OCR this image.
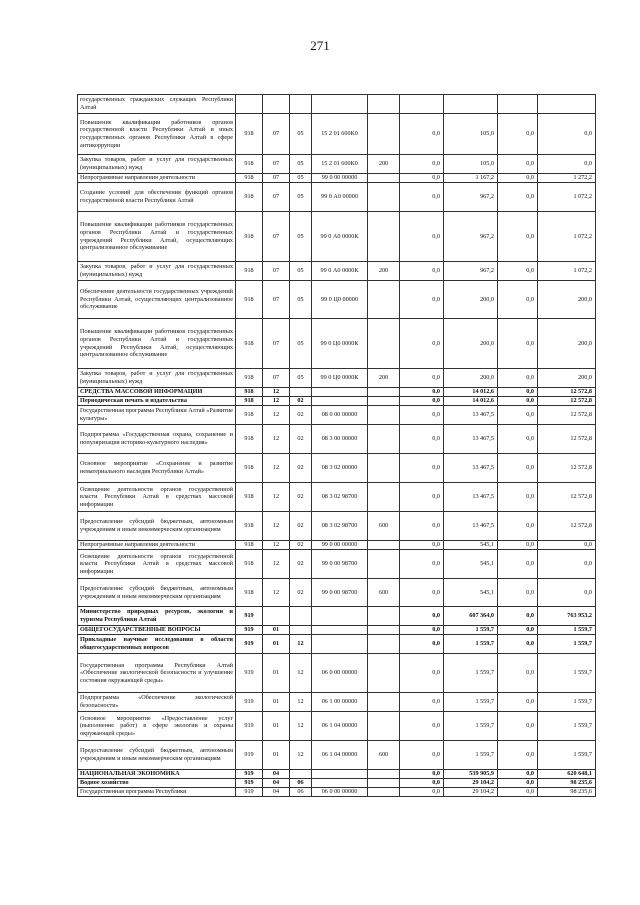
271
государственных гражданских служащих Республики Алтай									
Повышение квалификации работников органов государственной власти Республики Алтай и иных государственных органов Республики Алтай в сфере антикоррупции	918	07	05	15 2 01 600К0		0,0	105,0	0,0	0,0
Закупка товаров, работ и услуг для государственных (муниципальных) нужд	918	07	05	15 2 01 600К0	200	0,0	105,0	0,0	0,0
Непрограммные направления деятельности	918	07	05	99 0 00 00000		0,0	1 167,2	0,0	1 272,2
Создание условий для обеспечения функций органов государственной власти Республики Алтай	918	07	05	99 0 А0 00000		0,0	967,2	0,0	1 072,2
Повышение квалификации работников государственных органов Республики Алтай и государственных учреждений Республики Алтай, осуществляющих централизованное обслуживание	918	07	05	99 0 А0 0000К		0,0	967,2	0,0	1 072,2
Закупка товаров, работ и услуг для государственных (муниципальных) нужд	918	07	05	99 0 А0 0000К	200	0,0	967,2	0,0	1 072,2
Обеспечение деятельности государственных учреждений Республики Алтай, осуществляющих централизованное обслуживание	918	07	05	99 0 Ц0 00000		0,0	200,0	0,0	200,0
Повышение квалификации работников государственных органов Республики Алтай и государственных учреждений Республики Алтай, осуществляющих централизованное обслуживание	918	07	05	99 0 Ц0 0000К		0,0	200,0	0,0	200,0
Закупка товаров, работ и услуг для государственных (муниципальных) нужд	918	07	05	99 0 Ц0 0000К	200	0,0	200,0	0,0	200,0
СРЕДСТВА МАССОВОЙ ИНФОРМАЦИИ	918	12				0,0	14 012,6	0,0	12 572,8
Периодическая печать и издательства	918	12	02			0,0	14 012,6	0,0	12 572,8
Государственная программа Республики Алтай «Развитие культуры»	918	12	02	08 0 00 00000		0,0	13 467,5	0,0	12 572,8
Подпрограмма «Государственная охрана, сохранение и популяризация историко-культурного наследия»	918	12	02	08 3 00 00000		0,0	13 467,5	0,0	12 572,8
Основное мероприятие «Сохранение и развитие нематериального наследия Республики Алтай»	918	12	02	08 3 02 00000		0,0	13 467,5	0,0	12 572,8
Освещение деятельности органов государственной власти Республики Алтай в средствах массовой информации	918	12	02	08 3 02 98700		0,0	13 467,5	0,0	12 572,8
Предоставление субсидий бюджетным, автономным учреждениям и иным некоммерческим организациям	918	12	02	08 3 02 98700	600	0,0	13 467,5	0,0	12 572,8
Непрограммные направления деятельности	918	12	02	99 0 00 00000		0,0	545,1	0,0	0,0
Освещение деятельности органов государственной власти Республики Алтай в средствах массовой информации	918	12	02	99 0 00 98700		0,0	545,1	0,0	0,0
Предоставление субсидий бюджетным, автономным учреждениям и иным некоммерческим организациям	918	12	02	99 0 00 98700	600	0,0	545,1	0,0	0,0
Министерство природных ресурсов, экологии и туризма Республики Алтай	919					0,0	607 364,0	0,0	763 953,2
ОБЩЕГОСУДАРСТВЕННЫЕ ВОПРОСЫ	919	01				0,0	1 559,7	0,0	1 559,7
Прикладные научные исследования в области общегосударственных вопросов	919	01	12			0,0	1 559,7	0,0	1 559,7
Государственная программа Республики Алтай «Обеспечение экологической безопасности и улучшение состояния окружающей среды»	919	01	12	06 0 00 00000		0,0	1 559,7	0,0	1 559,7
Подпрограмма «Обеспечение экологической безопасности»	919	01	12	06 1 00 00000		0,0	1 559,7	0,0	1 559,7
Основное мероприятие «Предоставление услуг (выполнение работ) в сфере экологии и охраны окружающей среды»	919	01	12	06 1 04 00000		0,0	1 559,7	0,0	1 559,7
Предоставление субсидий бюджетным, автономным учреждениям и иным некоммерческим организациям	919	01	12	06 1 04 00000	600	0,0	1 559,7	0,0	1 559,7
НАЦИОНАЛЬНАЯ ЭКОНОМИКА	919	04				0,0	539 905,9	0,0	620 648,1
Водное хозяйство	919	04	06			0,0	29 104,2	0,0	98 235,6
Государственная программа Республики	919	04	06	06 0 00 00000		0,0	29 104,2	0,0	98 235,6
